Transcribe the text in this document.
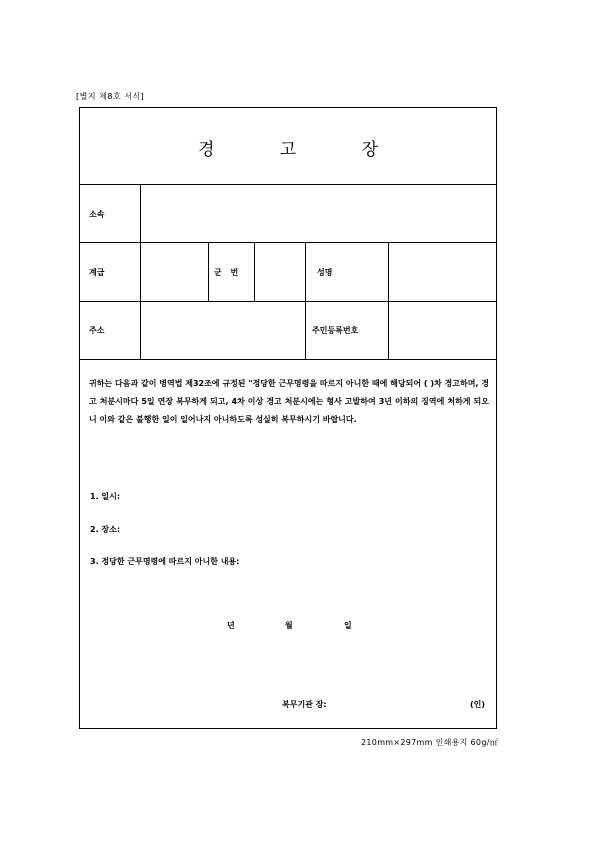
[별지 제8호 서식]
경	고	장
소속
계급	군 번	성명
주소	주민등록번호
귀하는 다음과 같이 병역법 제32조에 규정된 "정당한 근무명령을 따르지 아니한 때에 해당되어 ( )차 경고하며, 경고 처분시마다 5일 연장 복무하게 되고, 4차 이상 경고 처분시에는 형사 고발하여 3년 이하의 징역에 처하게 되오니 이와 같은 불행한 일이 일어나지 아니하도록 성실히 복무하시기 바랍니다.
1. 일시:
2. 장소:
3. 정당한 근무명령에 따르지 아니한 내용:
년	월	일
복무기관 장:	(인)
210mm×297mm 인쇄용지 60g/㎡
